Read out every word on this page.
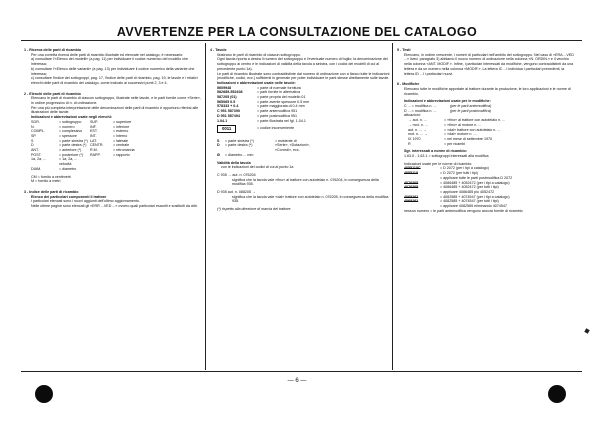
AVVERTENZE PER LA CONSULTAZIONE DEL CATALOGO

1 - Ricerca delle parti di ricambio

Per una corretta ricerca delle parti di ricambio illustrate ed elencate nel catalogo, è necessario:

a) consultare l'«Elenco dei modelli» (a pag. 11) per individuare il codice numerico del modello che interessa;

b) consultare l'«Elenco delle varianti» (a pag. 13) per individuare il codice numerico della variante che interessa;

c) consultare l'indice dei sottogruppi, pag. 17, l'indice delle parti di ricambio, pag. 19, le tavole e i relativi elenchi delle parti di ricambio del catalogo, come indicato ai successivi punti 2, 3 e 4.

2 - Elenchi delle parti di ricambio

Elencano le parti di ricambio di ciascun sottogruppo, illustrate nelle tavole, e le parti fornite come «Serie», in ordine progressivo di n. di ordinazione.

Per una più completa interpretazione delle denominazioni delle parti di ricambio è opportuno riferirsi alle illustrazioni delle tavole.

Indicazioni e abbreviazioni usate negli elenchi:

SGR.	= sottogruppo	SUP.	= superiore
N.	= numero	INF.	= inferiore
COMPL.	= complessivo	EST.	= esterno
SP.	= spessore	INT.	= interno
S	= parte sinistra (*) LAT.	= laterale
D	= parte destra (*) CENTR.	= centrale
ANT.	= anteriore (*)	R.M.	= retromarcia
POST.	= posteriore (*)	RAPP.	= rapporto
1a, 2a, ...	= 1a, 2a, ... velocità
DIAM.	= diametro

CM = fornito a centimetri

M = fornito a metri

3 - Indice delle parti di ricambio

Elenco dei particolari componenti il trattore

I particolari elencati sono i nuovi aggiunti dell'ultimo aggiornamento.

Nelle ultime pagine sono elencati gli «ERR ...VED ...» ovvero quali particolari esauriti e sostituiti da altri.

4 - Tavole

Illustrano le parti di ricambio di ciascun sottogruppo.

Ogni tavola riporta a destra il numero del sottogruppo e l'eventuale numero di foglio; la denominazione del sottogruppo ai centro e le indicazioni di validità della tavola a sinistra, con i codici dei modelli di cui al precedente punto 1a).

Le parti di ricambio illustrate sono contraddistinte dal numero di ordinazione con a fianco tutte le indicazioni (modifiche, codici, ecc.) sufficienti in generale per poter individuare le parti stesse direttamente sulle tavole.

Indicazioni e abbreviazioni usate nelle tavole:

5609948	= parte di normale fornitura
582689-552408	= parti fornite in alternativa
587205 (01)	= parte propria del modello 01
565065 0.5	= parte avente spessore 0.5 mm
578333 + 0.4	= parte maggiorata di 0.4 mm
C 951 587390	= parte antemodifica 951
D 951 587494	= parte postmodifica 951
1.04.1	= parte illustrata nel fgl. 1.04.1
0011	= codice inconveniente
S	= parte sinistra (*)	= esistente di
D	= parte destra (*)	«Serie», «Dotazioni», «Corredi», ecc.
Ø	= diametro ... mm

Validità della tavola

con le indicazioni dei codici di cui al punto 1a

C 935 → aut. n. 076204

significa che la tavola vale «fino» al trattore con autotelaio n. 076204, in conseguenza della modifica 935.

D 935 aut. n. 088205 →

significa che la tavola vale «dal» trattore con autotelaio n. 076205, in conseguenza della modifica 935.

(*) rispetto alla direzione di marcia del trattore.

5 - Testi

Elencano, in ordine crescente, i numeri di particolari nell'ambito del sottogruppo. Nel caso di «ERA ...VED ...» lived. paragrafo 3) abbiamo il nuovo numero di ordinazione nella colonna «N. ORDIN.» e il vecchio nella colonna «ANT. MODIF.». Infine, i particolari interessati da modifiche, vengono contraddistinti da una lettera e da un numero nella colonna «MODIF.». La lettera IC ...I individua i particolari precedenti, la lettera ID ...I i particolari nuovi.

6 - Modifiche

Elencano tutte le modifiche apportate al trattore durante la produzione, le loro applicazioni e le norme di ricambio.

Indicazioni e abbreviazioni usate per le modifiche:

C ... = modifica n. ...	(per le parti antemodifica)
D ... = modifica n. ...	(per le parti postmodifica)

attuazioni:

→ aut. n. ...	= «fino» al trattore con autotelaio n. ...
→ mot. n. ...	= «fino» al motore n. ...
aut. n. ... →	= «dal» trattore con autotelaio n. ...
mot. n. ... →	= «dal» motore n. ...
IX 1970	= nel mese di settembre 1970
R	= per ricambi

Sgr. interessati a norme di ricambio:

1.63.0 - 1.63.1 = sottogruppi interessati alla modifica

Indicazioni usate per le norme di ricambio:

4055118C	= D 2072 (per i tipi a catalogo)
4055118	= D 2072 (per tutti i tipi)
= applicare tutte le parti postmodifica D 2072
4076305	= 4086485 + 4052472 (per i tipi a catalogo)
4076305	= 4086485 + 4052472 (per tutti i tipi)
= applicare 4086485 più 4052472
4069262	= 4082585 + 4074547 (per i tipi a catalogo)
4069262	= 4082585 + 4074547 (per tutti i tipi)
= applicare 4082585 eliminando 4074547

nessun numero = le parti antemodifica vengono ancora fornite di ricambio

— 6 —
